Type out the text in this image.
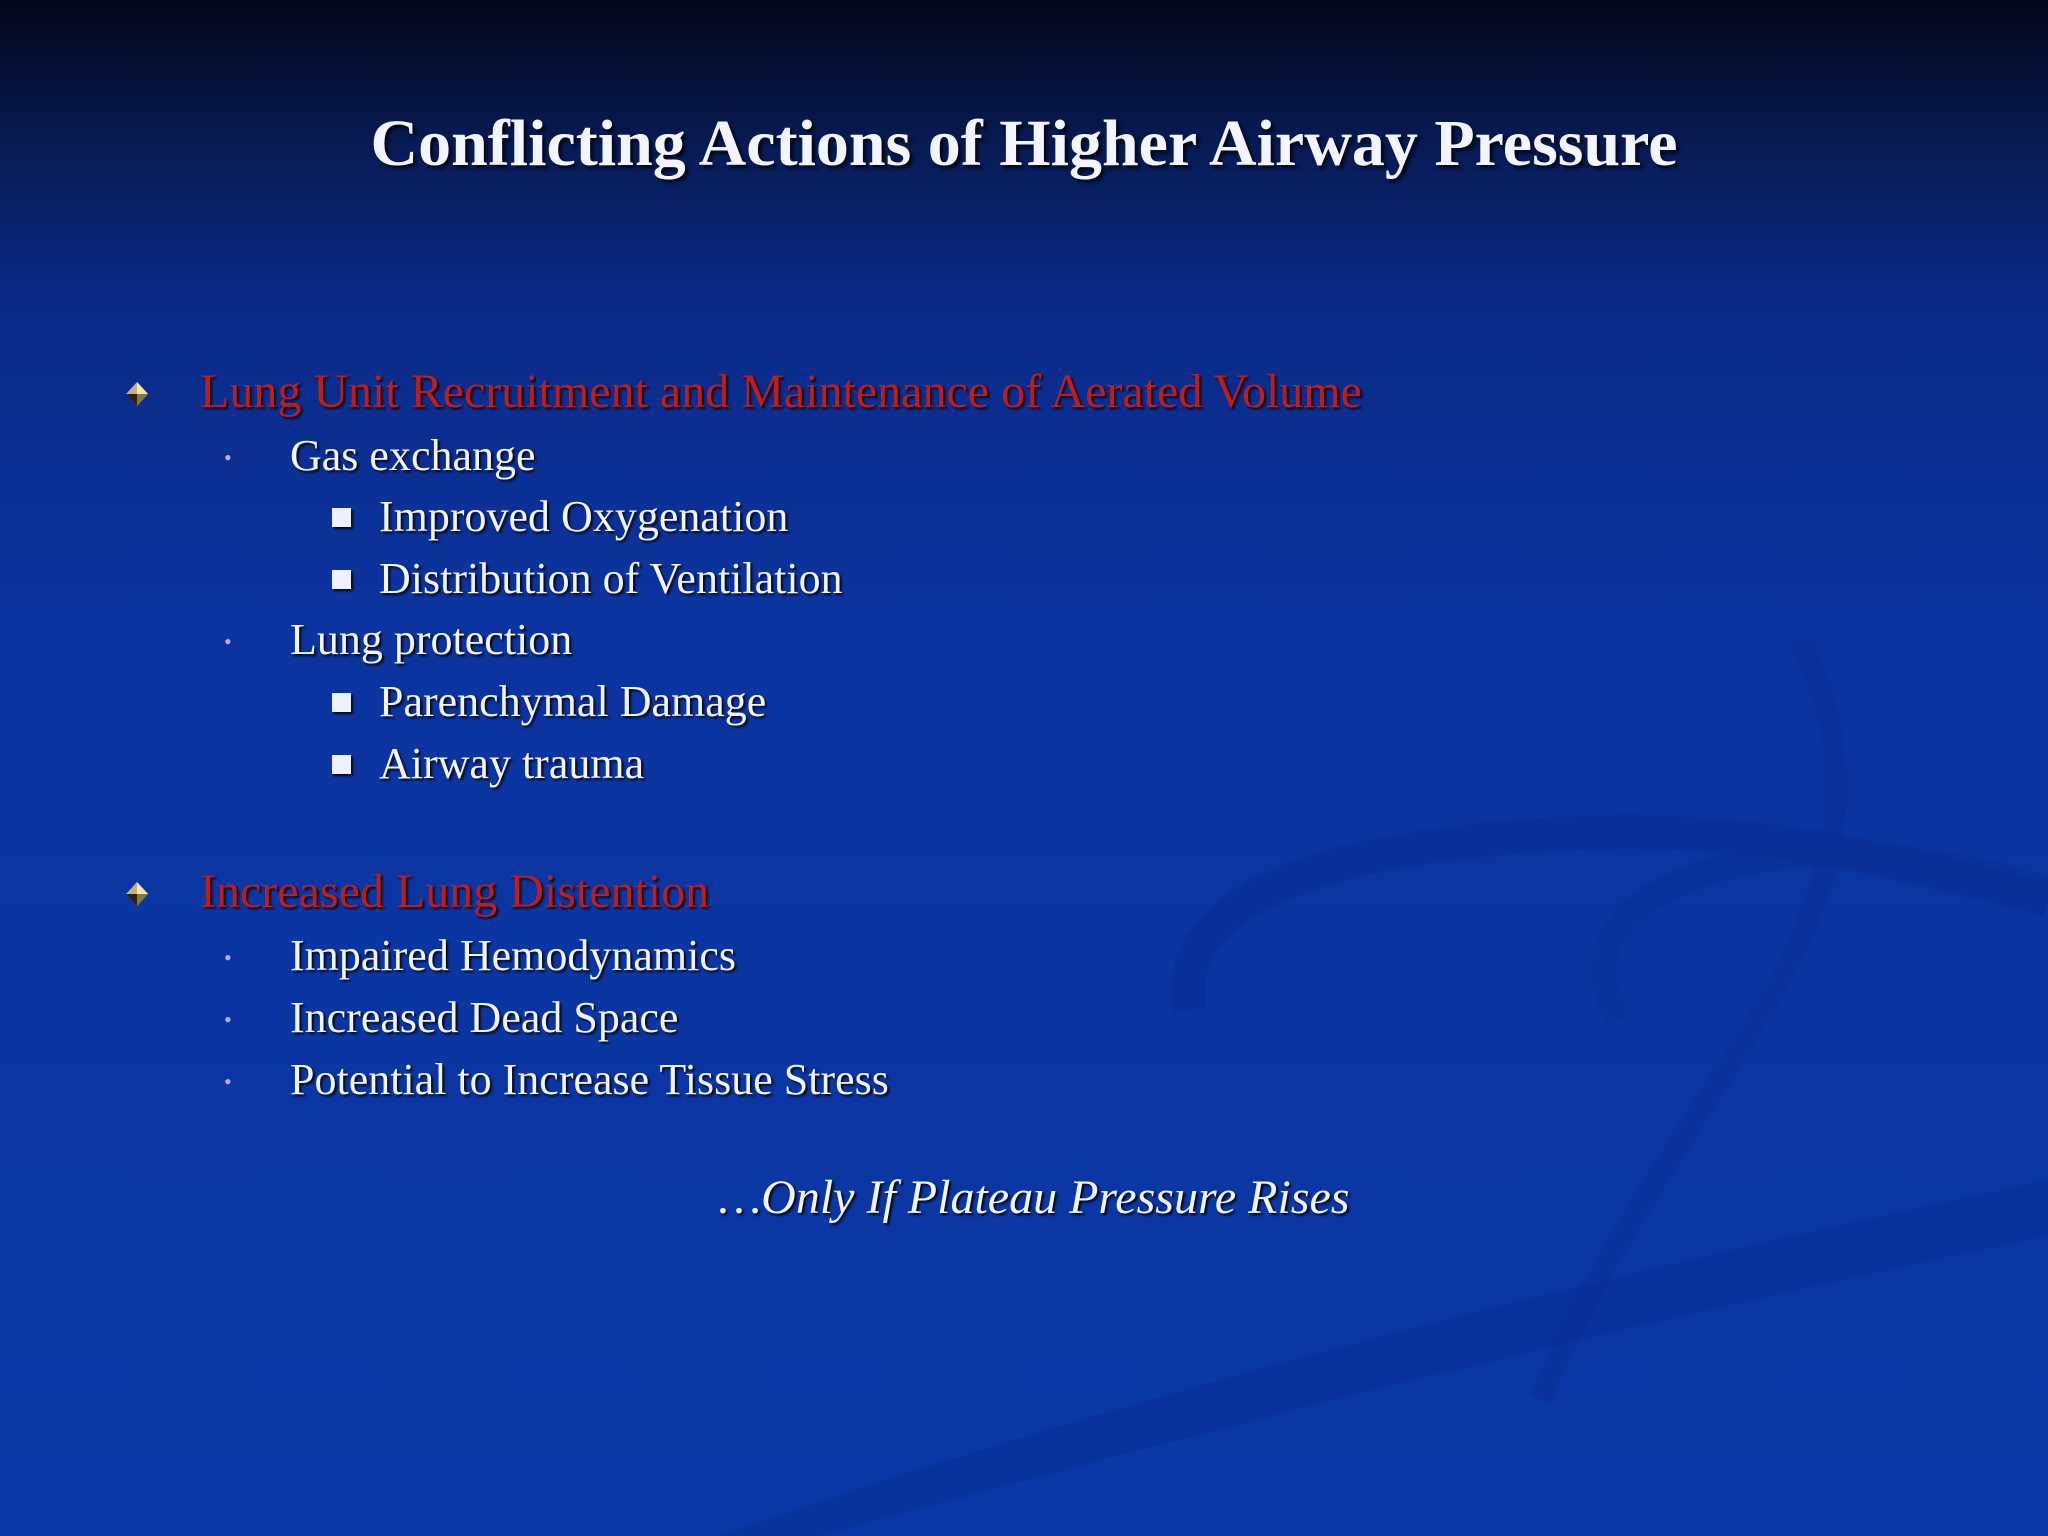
Conflicting Actions of Higher Airway Pressure
Lung Unit Recruitment and Maintenance of Aerated Volume
• Gas exchange
Improved Oxygenation
Distribution of Ventilation
• Lung protection
Parenchymal Damage
Airway trauma
Increased Lung Distention
• Impaired Hemodynamics
• Increased Dead Space
• Potential to Increase Tissue Stress
…Only If Plateau Pressure Rises
